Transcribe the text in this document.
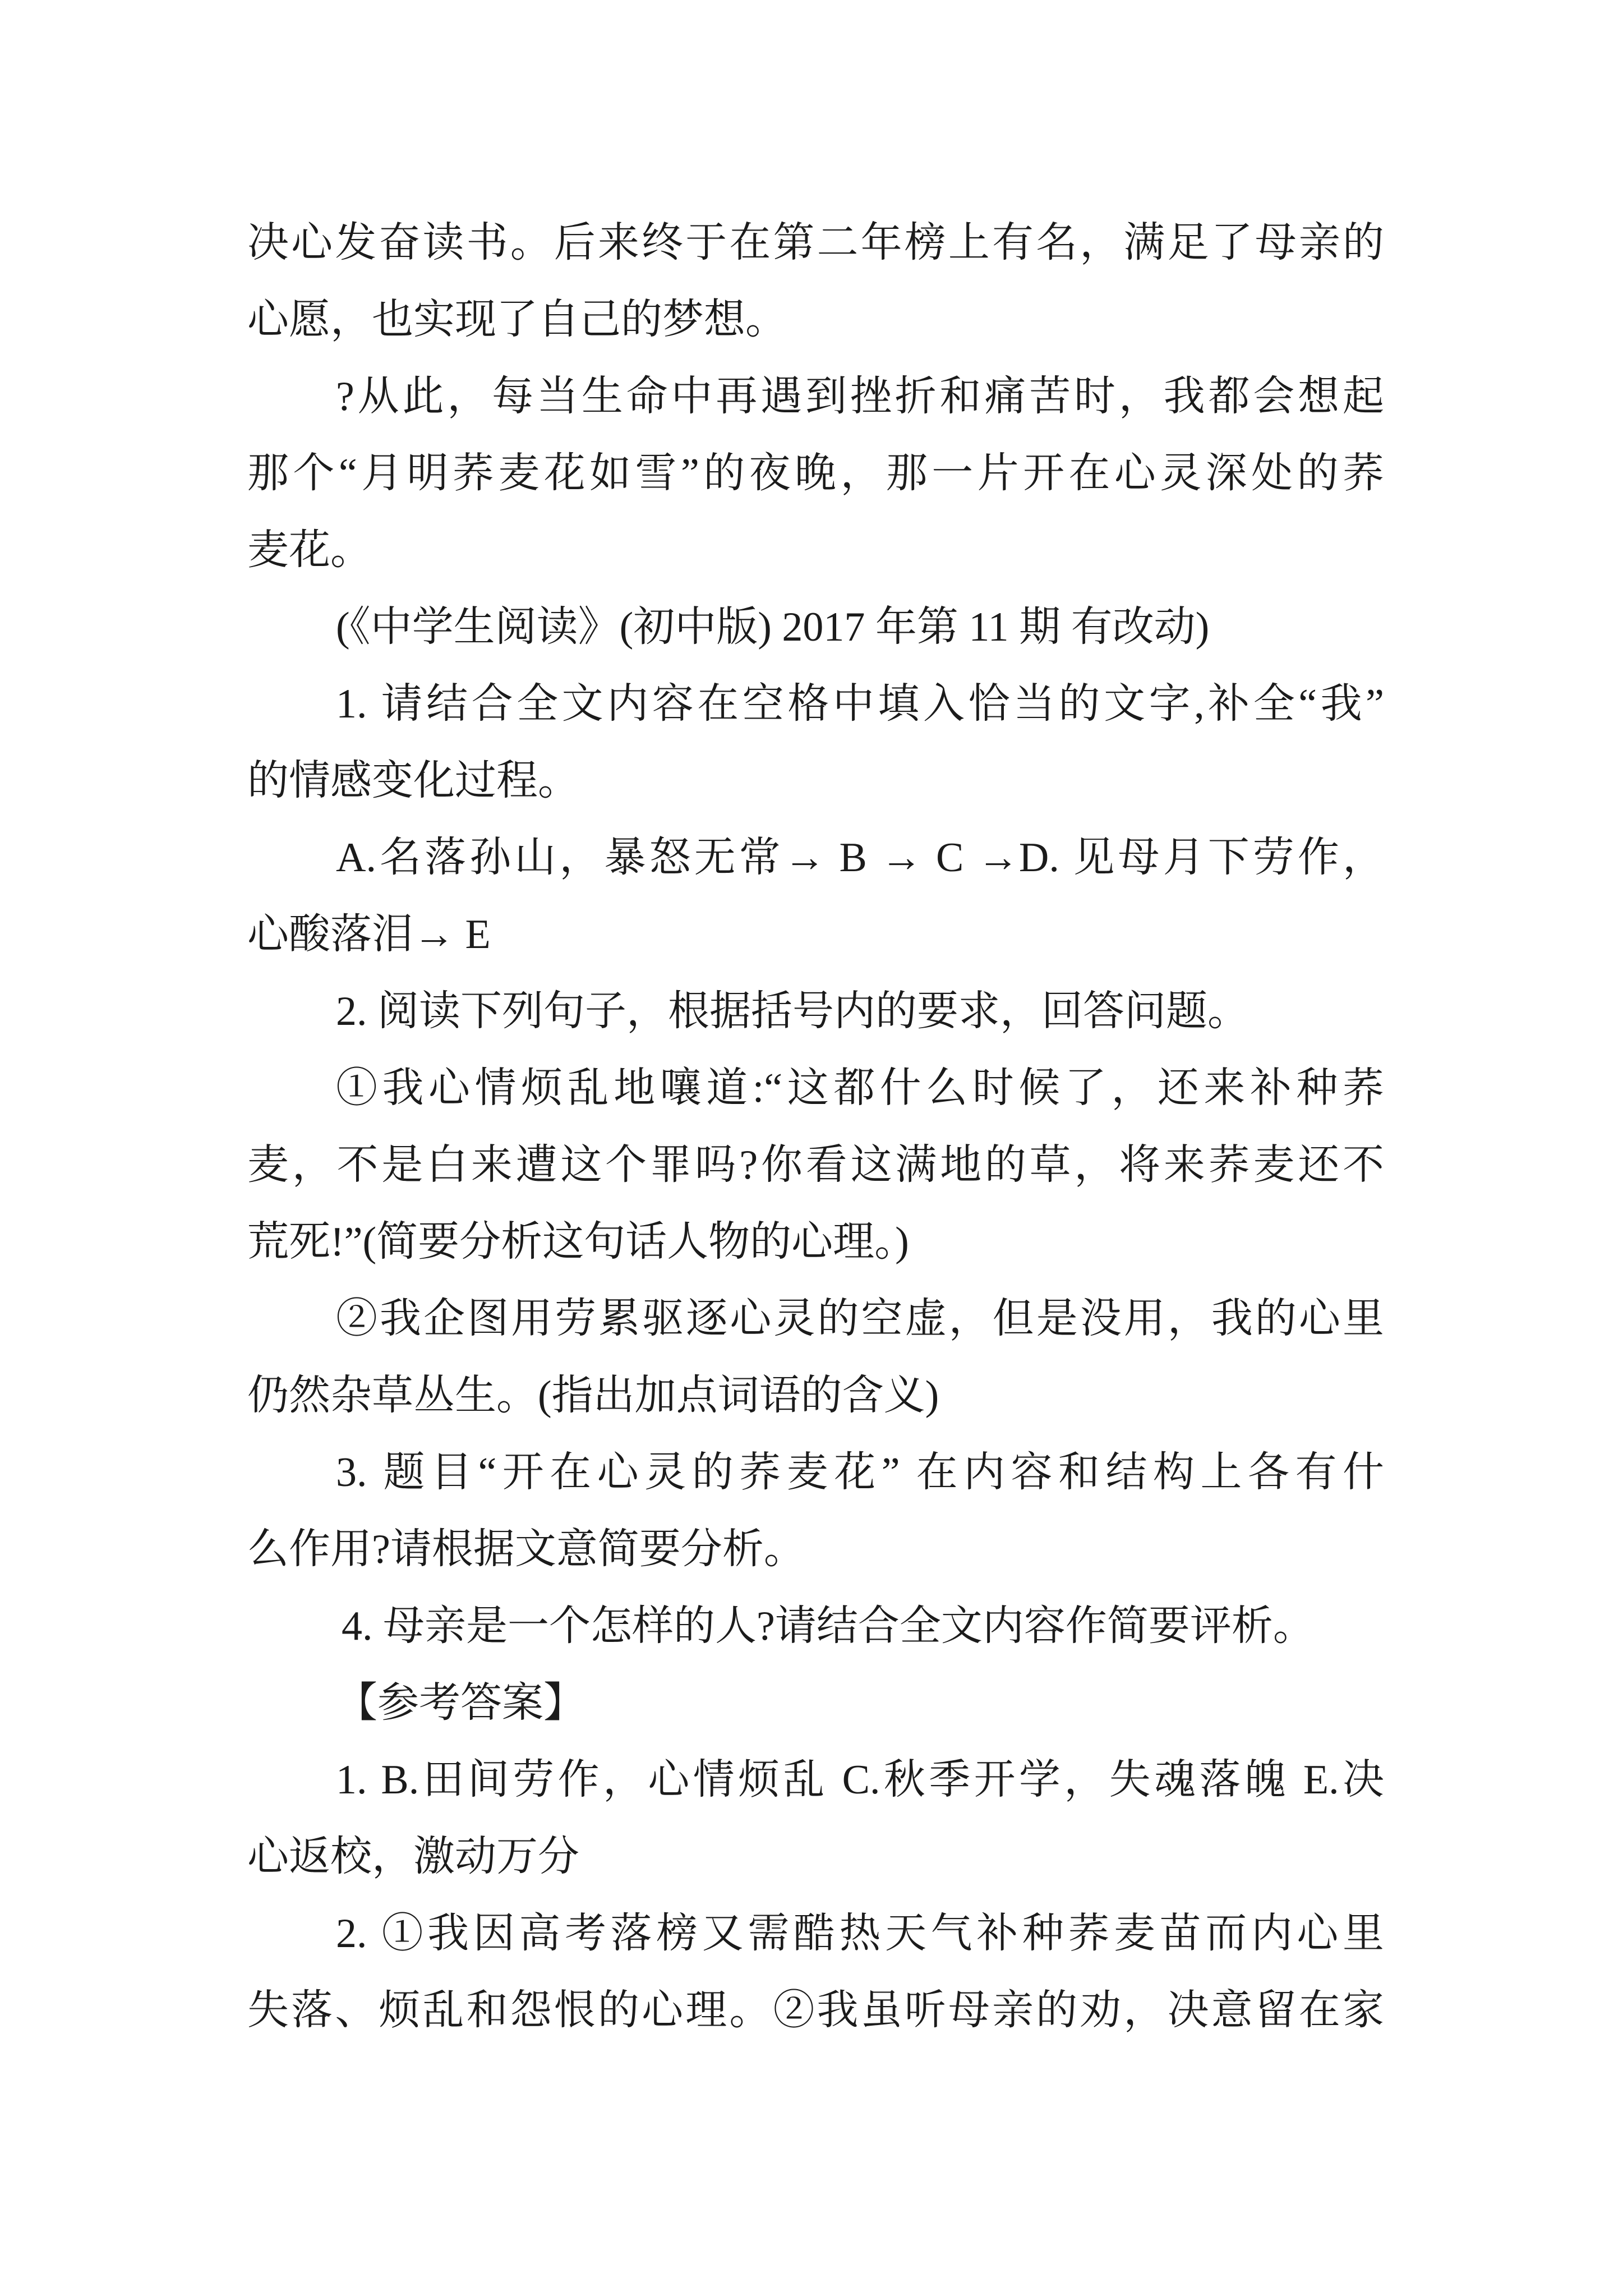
决心发奋读书。后来终于在第二年榜上有名，满足了母亲的
心愿，也实现了自己的梦想。
?从此，每当生命中再遇到挫折和痛苦时，我都会想起
那个“月明荞麦花如雪”的夜晚，那一片开在心灵深处的荞
麦花。
(《中学生阅读》(初中版) 2017 年第 11 期 有改动)
1. 请结合全文内容在空格中填入恰当的文字,补全“我”
的情感变化过程。
A.名落孙山，暴怒无常→ B → C →D. 见母月下劳作，
心酸落泪→ E
2. 阅读下列句子，根据括号内的要求，回答问题。
①我心情烦乱地嚷道:“这都什么时候了，还来补种荞
麦，不是白来遭这个罪吗?你看这满地的草，将来荞麦还不
荒死!”(简要分析这句话人物的心理。)
②我企图用劳累驱逐心灵的空虚，但是没用，我的心里
仍然杂草丛生。(指出加点词语的含义)
3. 题目“开在心灵的荞麦花” 在内容和结构上各有什
么作用?请根据文意简要分析。
4. 母亲是一个怎样的人?请结合全文内容作简要评析。
【参考答案】
1. B.田间劳作，心情烦乱 C.秋季开学，失魂落魄 E.决
心返校，激动万分
2. ①我因高考落榜又需酷热天气补种荞麦苗而内心里
失落、烦乱和怨恨的心理。②我虽听母亲的劝，决意留在家
